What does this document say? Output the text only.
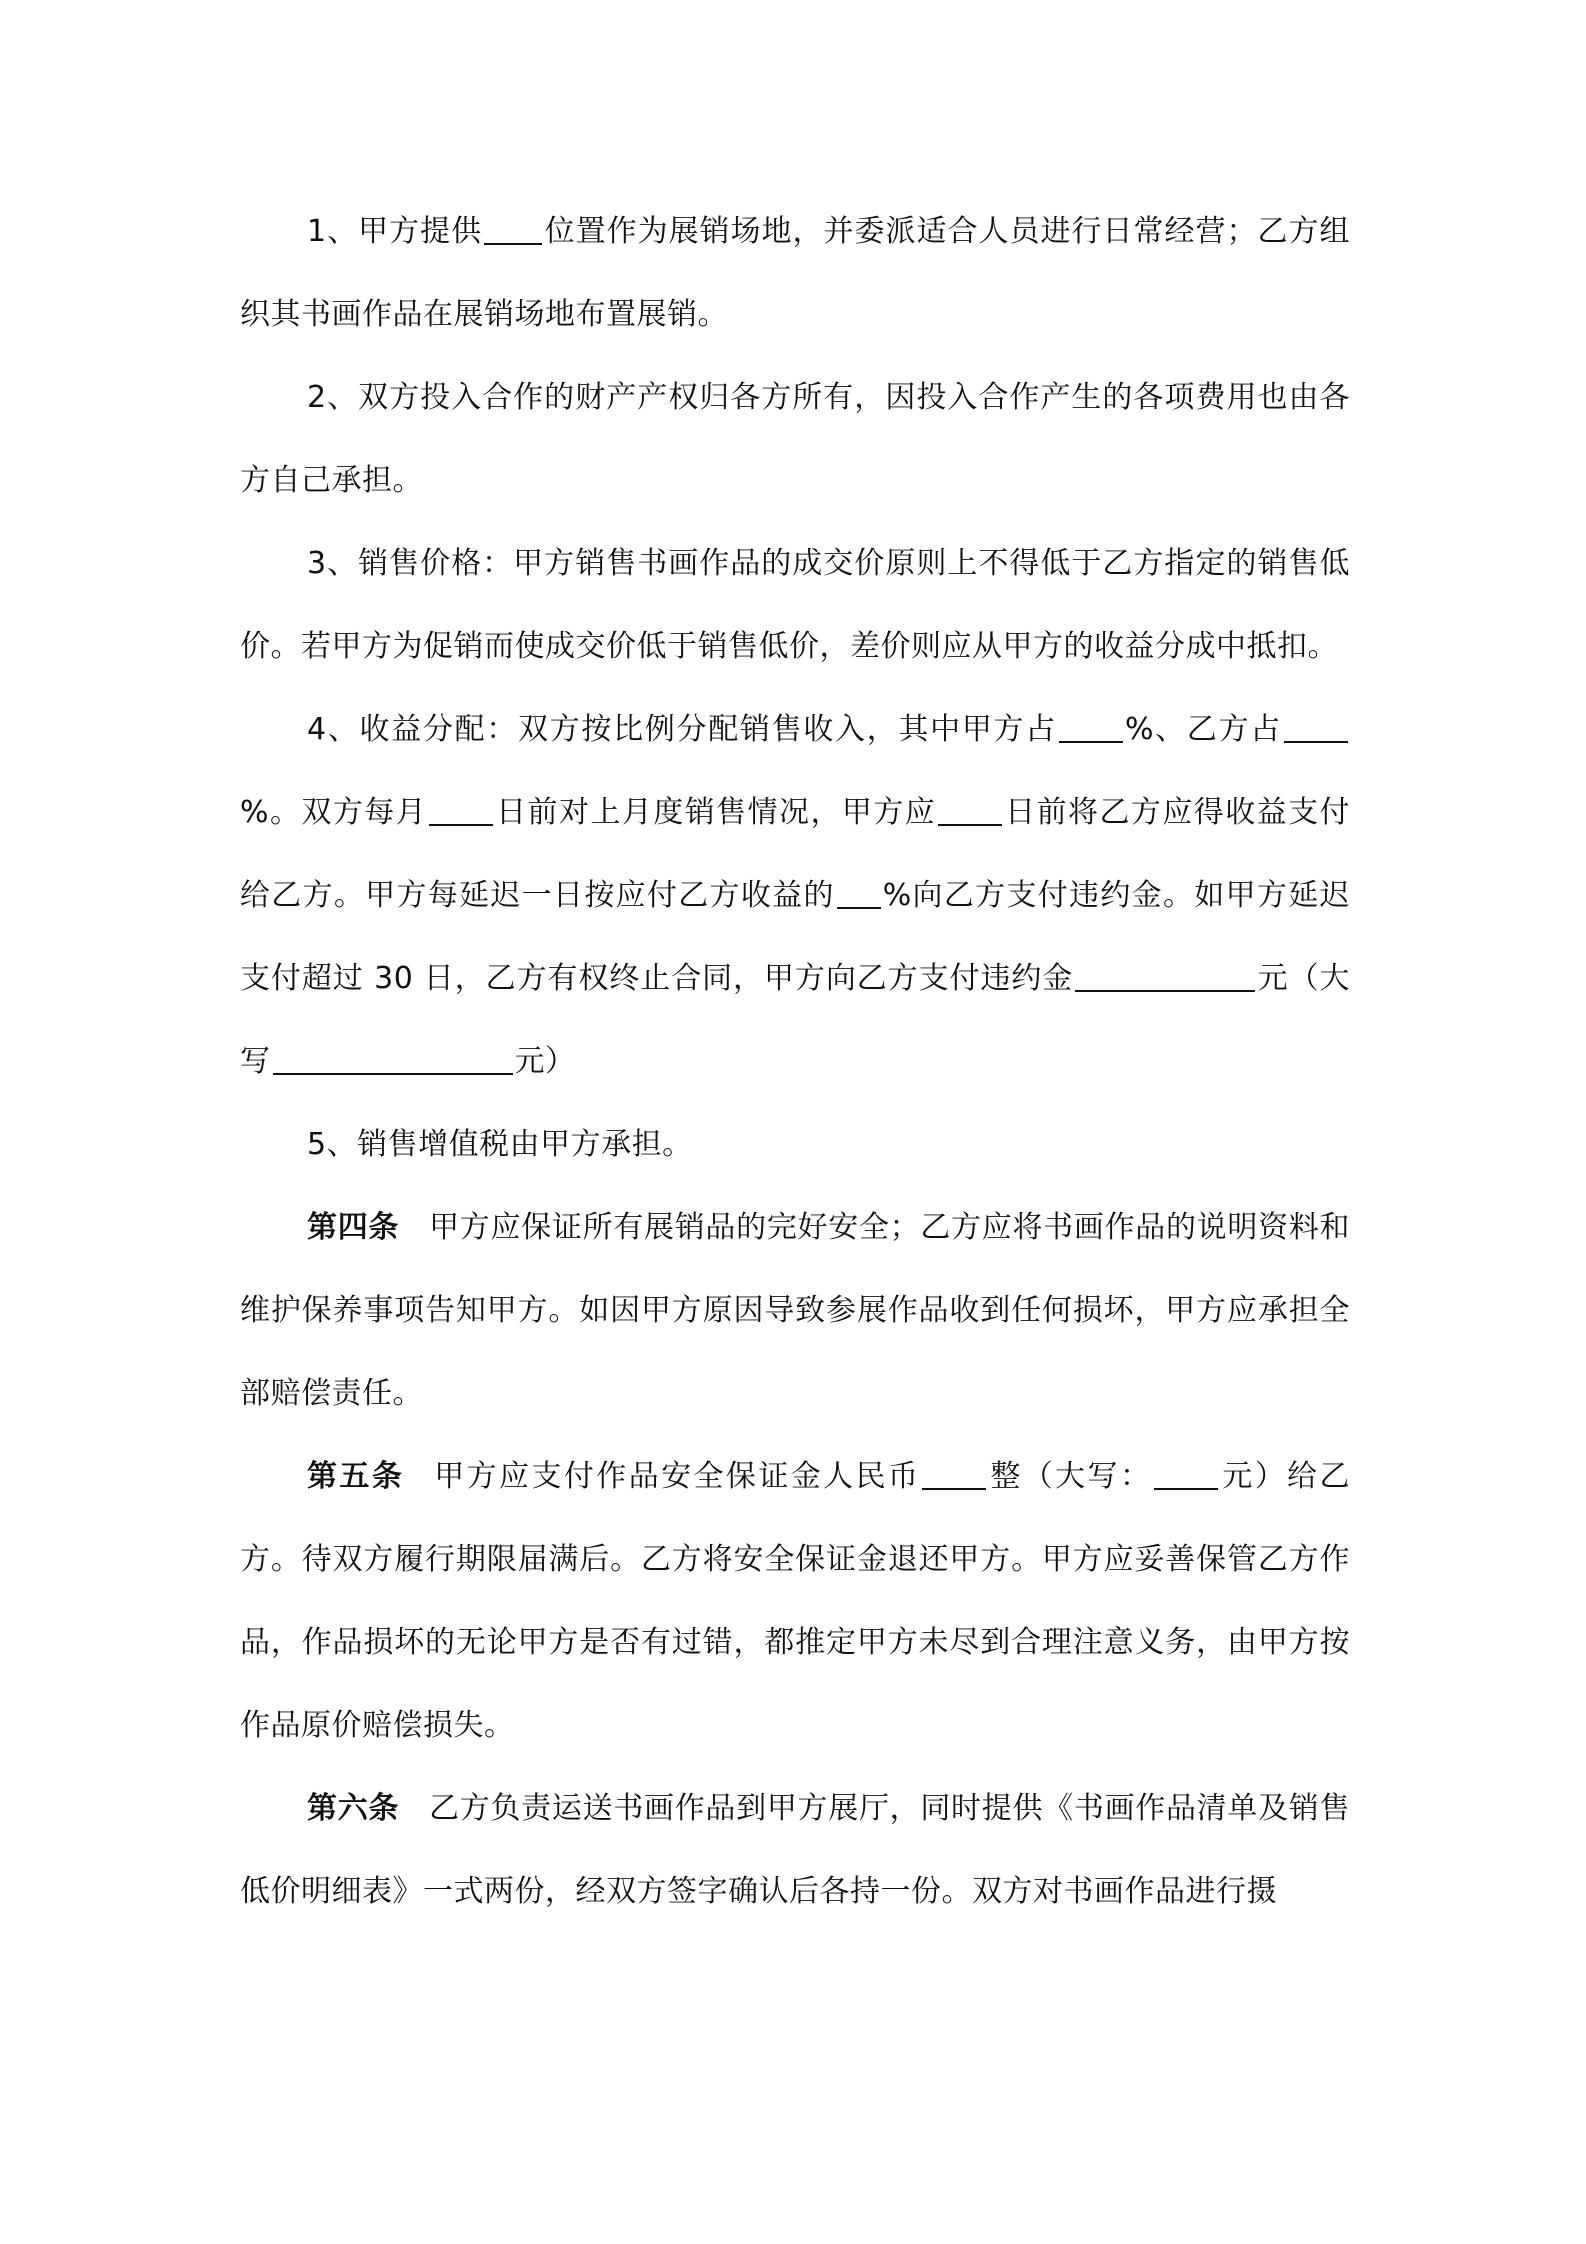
1、甲方提供 位置作为展销场地，并委派适合人员进行日常经营；乙方组织其书画作品在展销场地布置展销。

2、双方投入合作的财产产权归各方所有，因投入合作产生的各项费用也由各方自己承担。

3、销售价格：甲方销售书画作品的成交价原则上不得低于乙方指定的销售低价。若甲方为促销而使成交价低于销售低价，差价则应从甲方的收益分成中抵扣。

4、收益分配：双方按比例分配销售收入，其中甲方占 %、乙方占%。双方每月 日前对上月度销售情况，甲方应 日前将乙方应得收益支付给乙方。甲方每延迟一日按应付乙方收益的 %向乙方支付违约金。如甲方延迟支付超过 30 日，乙方有权终止合同，甲方向乙方支付违约金	元（大写	元）

5、销售增值税由甲方承担。

第四条 甲方应保证所有展销品的完好安全；乙方应将书画作品的说明资料和维护保养事项告知甲方。如因甲方原因导致参展作品收到任何损坏，甲方应承担全部赔偿责任。

第五条 甲方应支付作品安全保证金人民币 整（大写： 元）给乙方。待双方履行期限届满后。乙方将安全保证金退还甲方。甲方应妥善保管乙方作品，作品损坏的无论甲方是否有过错，都推定甲方未尽到合理注意义务，由甲方按作品原价赔偿损失。

第六条 乙方负责运送书画作品到甲方展厅，同时提供《书画作品清单及销售低价明细表》一式两份，经双方签字确认后各持一份。双方对书画作品进行摄
